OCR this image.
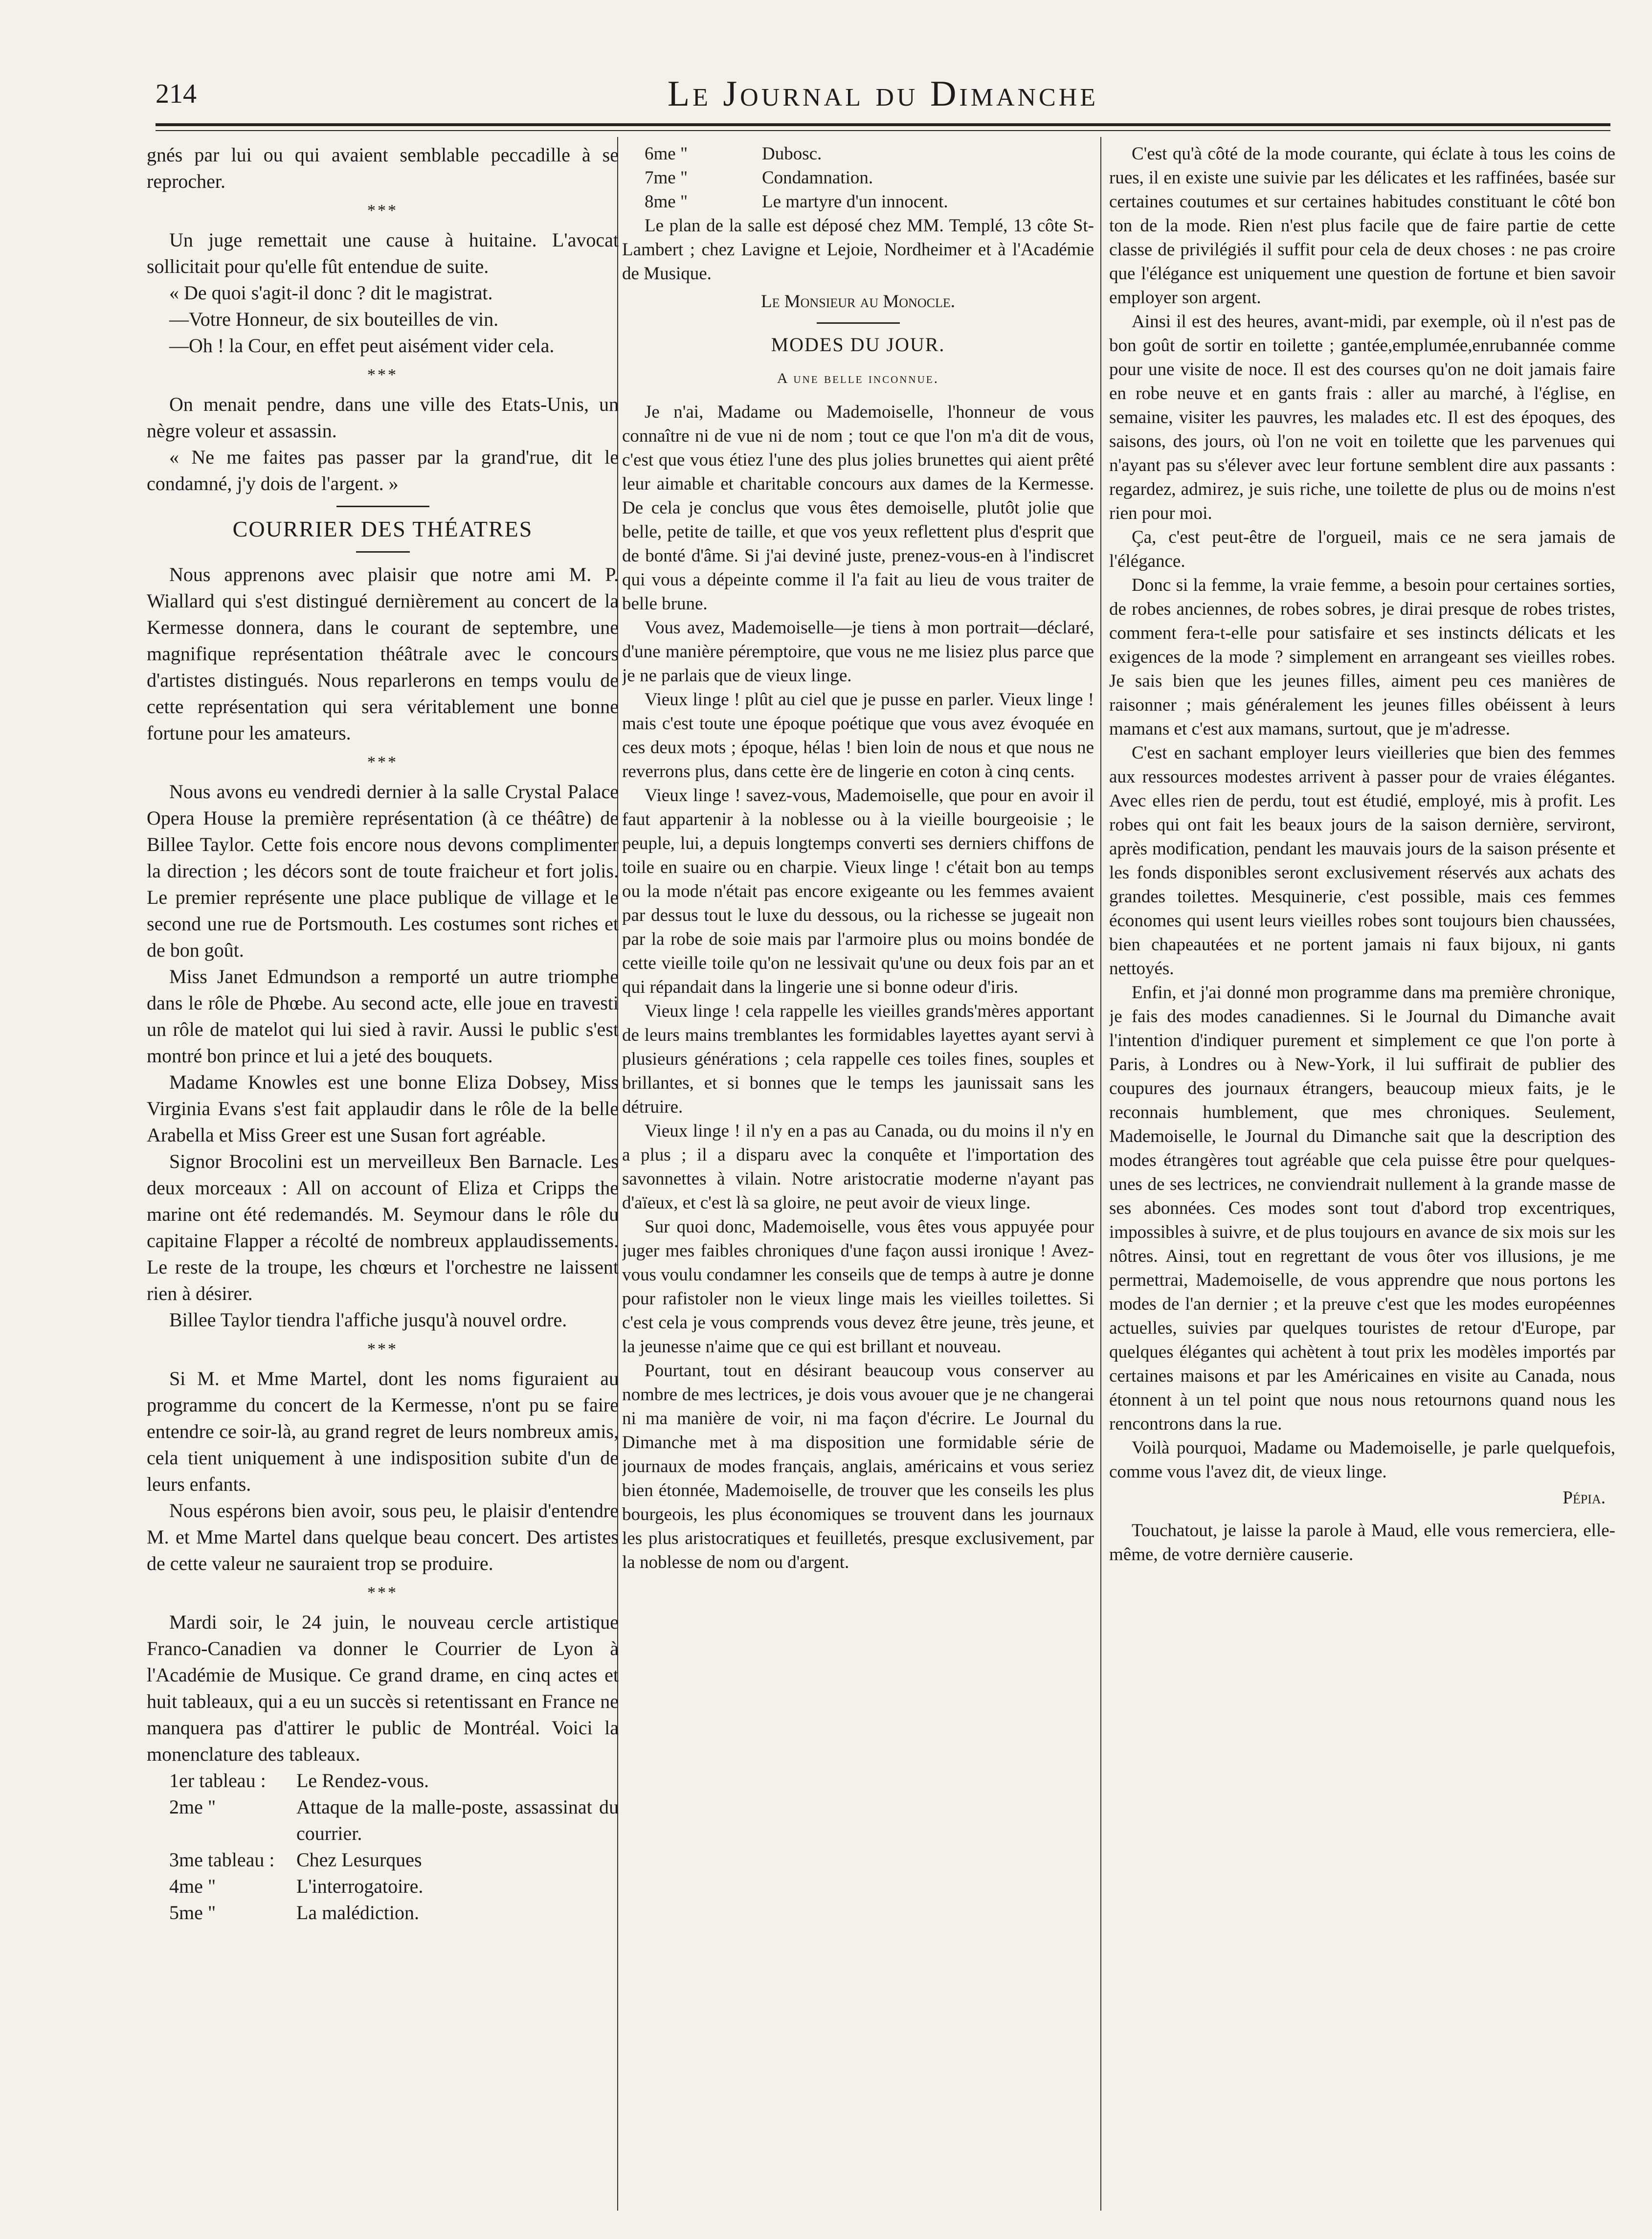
214	Le Journal du Dimanche

gnés par lui ou qui avaient semblable peccadille à se reprocher.

***

Un juge remettait une cause à huitaine. L'avocat sollicitait pour qu'elle fût entendue de suite.

« De quoi s'agit-il donc ? dit le magistrat.

—Votre Honneur, de six bouteilles de vin.

—Oh ! la Cour, en effet peut aisément vider cela.

***

On menait pendre, dans une ville des Etats-Unis, un nègre voleur et assassin.

« Ne me faites pas passer par la grand'rue, dit le condamné, j'y dois de l'argent. »

COURRIER DES THÉATRES

Nous apprenons avec plaisir que notre ami M. P. Wiallard qui s'est distingué dernièrement au concert de la Kermesse donnera, dans le courant de septembre, une magnifique représentation théâtrale avec le concours d'artistes distingués. Nous reparlerons en temps voulu de cette représentation qui sera véritablement une bonne fortune pour les amateurs.

***

Nous avons eu vendredi dernier à la salle Crystal Palace Opera House la première représentation (à ce théâtre) de Billee Taylor. Cette fois encore nous devons complimenter la direction ; les décors sont de toute fraicheur et fort jolis. Le premier représente une place publique de village et le second une rue de Portsmouth. Les costumes sont riches et de bon goût.

Miss Janet Edmundson a remporté un autre triomphe dans le rôle de Phœbe. Au second acte, elle joue en travesti un rôle de matelot qui lui sied à ravir. Aussi le public s'est montré bon prince et lui a jeté des bouquets.

Madame Knowles est une bonne Eliza Dobsey, Miss Virginia Evans s'est fait applaudir dans le rôle de la belle Arabella et Miss Greer est une Susan fort agréable.

Signor Brocolini est un merveilleux Ben Barnacle. Les deux morceaux : All on account of Eliza et Cripps the marine ont été redemandés. M. Seymour dans le rôle du capitaine Flapper a récolté de nombreux applaudissements. Le reste de la troupe, les chœurs et l'orchestre ne laissent rien à désirer.

Billee Taylor tiendra l'affiche jusqu'à nouvel ordre.

***

Si M. et Mme Martel, dont les noms figuraient au programme du concert de la Kermesse, n'ont pu se faire entendre ce soir-là, au grand regret de leurs nombreux amis, cela tient uniquement à une indisposition subite d'un de leurs enfants.

Nous espérons bien avoir, sous peu, le plaisir d'entendre M. et Mme Martel dans quelque beau concert. Des artistes de cette valeur ne sauraient trop se produire.

***

Mardi soir, le 24 juin, le nouveau cercle artistique Franco-Canadien va donner le Courrier de Lyon à l'Académie de Musique. Ce grand drame, en cinq actes et huit tableaux, qui a eu un succès si retentissant en France ne manquera pas d'attirer le public de Montréal. Voici la monenclature des tableaux.

1er tableau :	Le Rendez-vous.
2me "	Attaque de la malle-poste, assassinat du courrier.
3me tableau :	Chez Lesurques
4me "	L'interrogatoire.
5me "	La malédiction.
6me "	Dubosc.
7me "	Condamnation.
8me "	Le martyre d'un innocent.

Le plan de la salle est déposé chez MM. Templé, 13 côte St-Lambert ; chez Lavigne et Lejoie, Nordheimer et à l'Académie de Musique.

Le Monsieur au Monocle.
MODES DU JOUR.
A une belle inconnue.

Je n'ai, Madame ou Mademoiselle, l'honneur de vous connaître ni de vue ni de nom ; tout ce que l'on m'a dit de vous, c'est que vous étiez l'une des plus jolies brunettes qui aient prêté leur aimable et charitable concours aux dames de la Kermesse. De cela je conclus que vous êtes demoiselle, plutôt jolie que belle, petite de taille, et que vos yeux reflettent plus d'esprit que de bonté d'âme. Si j'ai deviné juste, prenez-vous-en à l'indiscret qui vous a dépeinte comme il l'a fait au lieu de vous traiter de belle brune.

Vous avez, Mademoiselle—je tiens à mon portrait—déclaré, d'une manière péremptoire, que vous ne me lisiez plus parce que je ne parlais que de vieux linge.

Vieux linge ! plût au ciel que je pusse en parler. Vieux linge ! mais c'est toute une époque poétique que vous avez évoquée en ces deux mots ; époque, hélas ! bien loin de nous et que nous ne reverrons plus, dans cette ère de lingerie en coton à cinq cents.

Vieux linge ! savez-vous, Mademoiselle, que pour en avoir il faut appartenir à la noblesse ou à la vieille bourgeoisie ; le peuple, lui, a depuis longtemps converti ses derniers chiffons de toile en suaire ou en charpie. Vieux linge ! c'était bon au temps ou la mode n'était pas encore exigeante ou les femmes avaient par dessus tout le luxe du dessous, ou la richesse se jugeait non par la robe de soie mais par l'armoire plus ou moins bondée de cette vieille toile qu'on ne lessivait qu'une ou deux fois par an et qui répandait dans la lingerie une si bonne odeur d'iris.

Vieux linge ! cela rappelle les vieilles grands'mères apportant de leurs mains tremblantes les formidables layettes ayant servi à plusieurs générations ; cela rappelle ces toiles fines, souples et brillantes, et si bonnes que le temps les jaunissait sans les détruire.

Vieux linge ! il n'y en a pas au Canada, ou du moins il n'y en a plus ; il a disparu avec la conquête et l'importation des savonnettes à vilain. Notre aristocratie moderne n'ayant pas d'aïeux, et c'est là sa gloire, ne peut avoir de vieux linge.

Sur quoi donc, Mademoiselle, vous êtes vous appuyée pour juger mes faibles chroniques d'une façon aussi ironique ! Avez-vous voulu condamner les conseils que de temps à autre je donne pour rafistoler non le vieux linge mais les vieilles toilettes. Si c'est cela je vous comprends vous devez être jeune, très jeune, et la jeunesse n'aime que ce qui est brillant et nouveau.

Pourtant, tout en désirant beaucoup vous conserver au nombre de mes lectrices, je dois vous avouer que je ne changerai ni ma manière de voir, ni ma façon d'écrire. Le Journal du Dimanche met à ma disposition une formidable série de journaux de modes français, anglais, américains et vous seriez bien étonnée, Mademoiselle, de trouver que les conseils les plus bourgeois, les plus économiques se trouvent dans les journaux les plus aristocratiques et feuilletés, presque exclusivement, par la noblesse de nom ou d'argent.

C'est qu'à côté de la mode courante, qui éclate à tous les coins de rues, il en existe une suivie par les délicates et les raffinées, basée sur certaines coutumes et sur certaines habitudes constituant le côté bon ton de la mode. Rien n'est plus facile que de faire partie de cette classe de privilégiés il suffit pour cela de deux choses : ne pas croire que l'élégance est uniquement une question de fortune et bien savoir employer son argent.

Ainsi il est des heures, avant-midi, par exemple, où il n'est pas de bon goût de sortir en toilette ; gantée,emplumée,enrubannée comme pour une visite de noce. Il est des courses qu'on ne doit jamais faire en robe neuve et en gants frais : aller au marché, à l'église, en semaine, visiter les pauvres, les malades etc. Il est des époques, des saisons, des jours, où l'on ne voit en toilette que les parvenues qui n'ayant pas su s'élever avec leur fortune semblent dire aux passants : regardez, admirez, je suis riche, une toilette de plus ou de moins n'est rien pour moi.

Ça, c'est peut-être de l'orgueil, mais ce ne sera jamais de l'élégance.

Donc si la femme, la vraie femme, a besoin pour certaines sorties, de robes anciennes, de robes sobres, je dirai presque de robes tristes, comment fera-t-elle pour satisfaire et ses instincts délicats et les exigences de la mode ? simplement en arrangeant ses vieilles robes. Je sais bien que les jeunes filles, aiment peu ces manières de raisonner ; mais généralement les jeunes filles obéissent à leurs mamans et c'est aux mamans, surtout, que je m'adresse.

C'est en sachant employer leurs vieilleries que bien des femmes aux ressources modestes arrivent à passer pour de vraies élégantes. Avec elles rien de perdu, tout est étudié, employé, mis à profit. Les robes qui ont fait les beaux jours de la saison dernière, serviront, après modification, pendant les mauvais jours de la saison présente et les fonds disponibles seront exclusivement réservés aux achats des grandes toilettes. Mesquinerie, c'est possible, mais ces femmes économes qui usent leurs vieilles robes sont toujours bien chaussées, bien chapeautées et ne portent jamais ni faux bijoux, ni gants nettoyés.

Enfin, et j'ai donné mon programme dans ma première chronique, je fais des modes canadiennes. Si le Journal du Dimanche avait l'intention d'indiquer purement et simplement ce que l'on porte à Paris, à Londres ou à New-York, il lui suffirait de publier des coupures des journaux étrangers, beaucoup mieux faits, je le reconnais humblement, que mes chroniques. Seulement, Mademoiselle, le Journal du Dimanche sait que la description des modes étrangères tout agréable que cela puisse être pour quelques-unes de ses lectrices, ne conviendrait nullement à la grande masse de ses abonnées. Ces modes sont tout d'abord trop excentriques, impossibles à suivre, et de plus toujours en avance de six mois sur les nôtres. Ainsi, tout en regrettant de vous ôter vos illusions, je me permettrai, Mademoiselle, de vous apprendre que nous portons les modes de l'an dernier ; et la preuve c'est que les modes européennes actuelles, suivies par quelques touristes de retour d'Europe, par quelques élégantes qui achètent à tout prix les modèles importés par certaines maisons et par les Américaines en visite au Canada, nous étonnent à un tel point que nous nous retournons quand nous les rencontrons dans la rue.

Voilà pourquoi, Madame ou Mademoiselle, je parle quelquefois, comme vous l'avez dit, de vieux linge.

Pépia.

Touchatout, je laisse la parole à Maud, elle vous remerciera, elle-même, de votre dernière causerie.
